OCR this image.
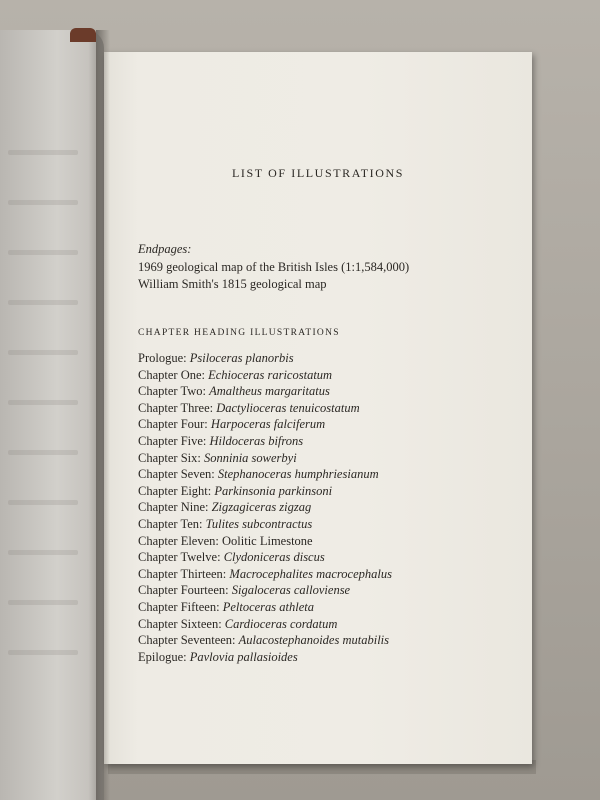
LIST OF ILLUSTRATIONS
Endpages:
1969 geological map of the British Isles (1:1,584,000)
William Smith's 1815 geological map
CHAPTER HEADING ILLUSTRATIONS
Prologue: Psiloceras planorbis
Chapter One: Echioceras raricostatum
Chapter Two: Amaltheus margaritatus
Chapter Three: Dactylioceras tenuicostatum
Chapter Four: Harpoceras falciferum
Chapter Five: Hildoceras bifrons
Chapter Six: Sonninia sowerbyi
Chapter Seven: Stephanoceras humphriesianum
Chapter Eight: Parkinsonia parkinsoni
Chapter Nine: Zigzagiceras zigzag
Chapter Ten: Tulites subcontractus
Chapter Eleven: Oolitic Limestone
Chapter Twelve: Clydoniceras discus
Chapter Thirteen: Macrocephalites macrocephalus
Chapter Fourteen: Sigaloceras calloviense
Chapter Fifteen: Peltoceras athleta
Chapter Sixteen: Cardioceras cordatum
Chapter Seventeen: Aulacostephanoides mutabilis
Epilogue: Pavlovia pallasioides
